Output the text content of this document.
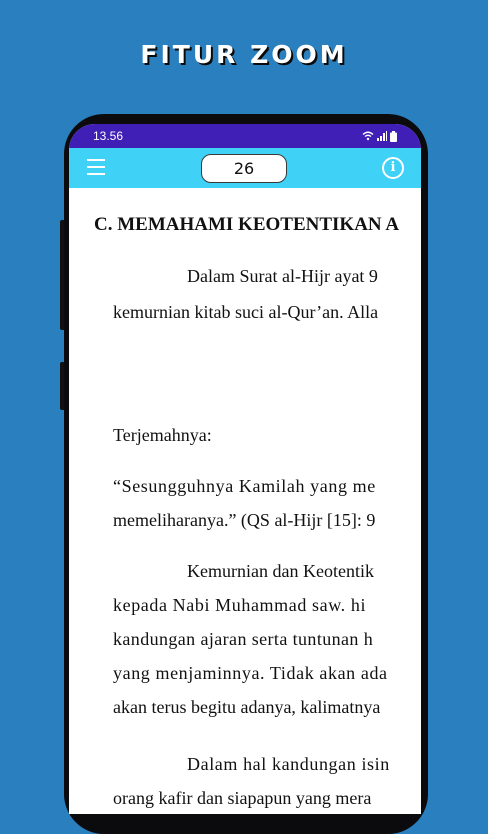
FITUR ZOOM
13.56
26	i
C. MEMAHAMI KEOTENTIKAN A
Dalam Surat al-Hijr ayat 9
kemurnian kitab suci al-Qur’an. Alla
Terjemahnya:
“Sesungguhnya Kamilah yang me
memeliharanya.” (QS al-Hijr [15]: 9
Kemurnian dan Keotentik
kepada Nabi Muhammad saw. hi
kandungan ajaran serta tuntunan h
yang menjaminnya. Tidak akan ada
akan terus begitu adanya, kalimatnya
Dalam hal kandungan isin
orang kafir dan siapapun yang mera
